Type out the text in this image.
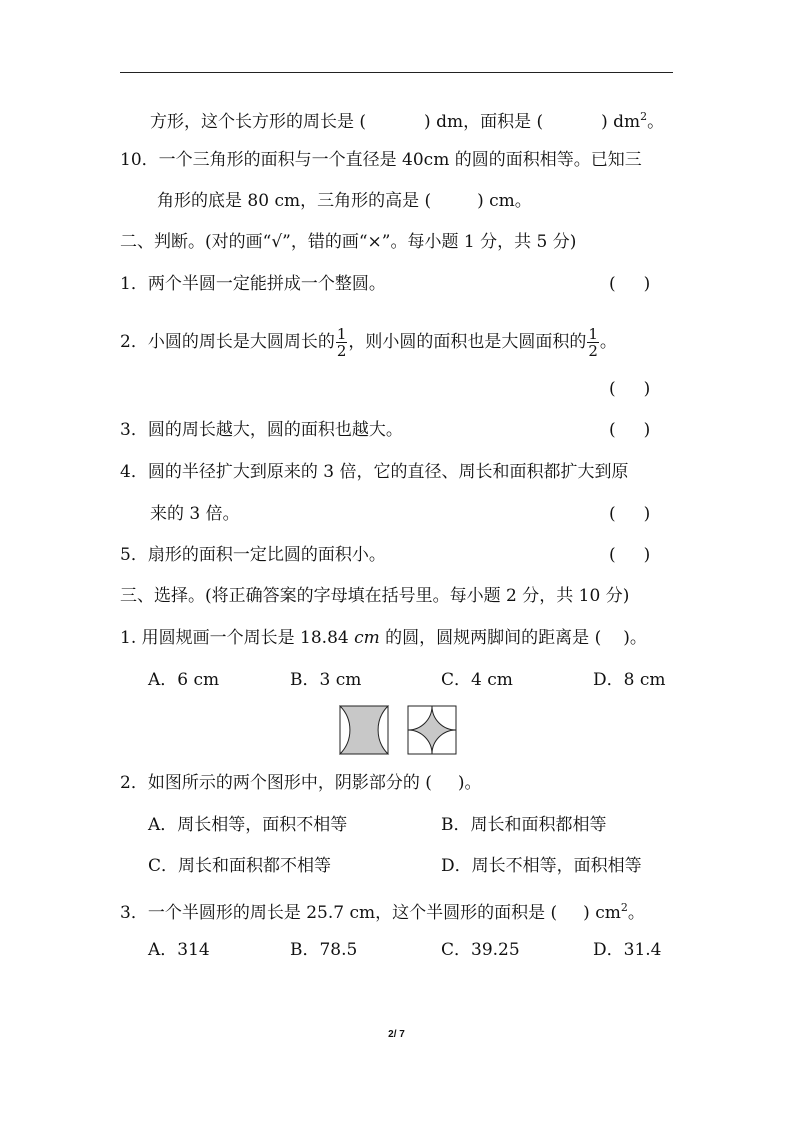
方形，这个长方形的周长是 (	) dm，面积是 (	) $dm^2$。
10．一个三角形的面积与一个直径是 40cm 的圆的面积相等。已知三
角形的底是 80 cm，三角形的高是 (	) cm。
二、判断。(对的画“√”，错的画“×”。每小题 1 分，共 5 分)
1．两个半圆一定能拼成一个整圆。	( )
2．小圆的周长是大圆周长的 $\frac{1}{2}$ ，则小圆的面积也是大圆面积的 $\frac{1}{2}$ 。
( )
3．圆的周长越大，圆的面积也越大。	( )
4．圆的半径扩大到原来的 3 倍，它的直径、周长和面积都扩大到原
来的 3 倍。	( )
5．扇形的面积一定比圆的面积小。	( )
三、选择。(将正确答案的字母填在括号里。每小题 2 分，共 10 分)
1. 用圆规画一个周长是 18.84 cm 的圆，圆规两脚间的距离是 ( )。
A．6 cm	B．3 cm	C．4 cm	D．8 cm
2．如图所示的两个图形中，阴影部分的 ( )。
A．周长相等，面积不相等	B．周长和面积都相等
C．周长和面积都不相等	D．周长不相等，面积相等
3．一个半圆形的周长是 25.7 cm，这个半圆形的面积是 ( ) $cm^2$。
A．314	B．78.5	C．39.25	D．31.4
2/ 7
